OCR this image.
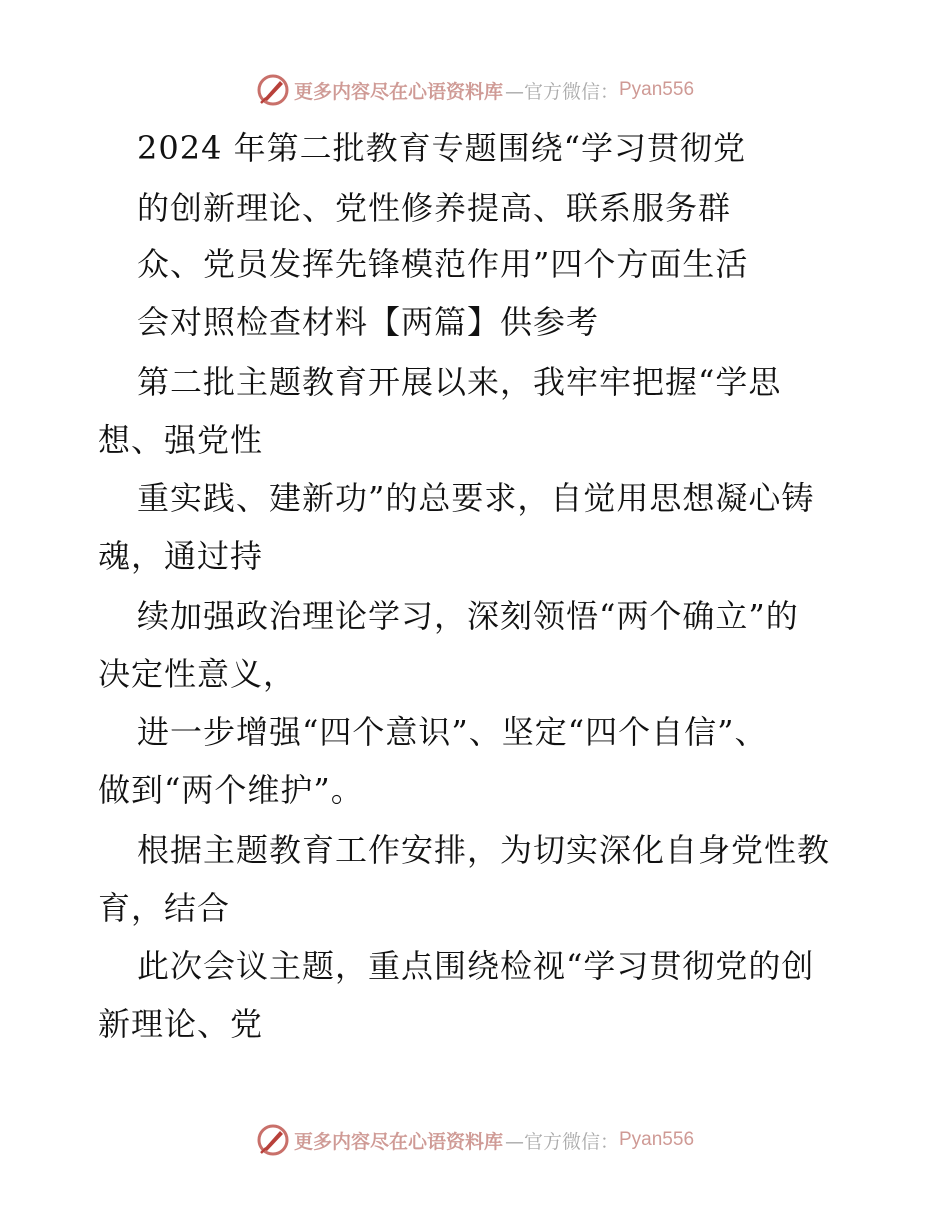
更多内容尽在心语资料库 —官方微信： Pyan556
2024 年第二批教育专题围绕“学习贯彻党
的创新理论、党性修养提高、联系服务群
众、党员发挥先锋模范作用”四个方面生活
会对照检查材料【两篇】供参考
第二批主题教育开展以来，我牢牢把握“学思
想、强党性
重实践、建新功”的总要求，自觉用思想凝心铸
魂，通过持
续加强政治理论学习，深刻领悟“两个确立”的
决定性意义，
进一步增强“四个意识”、坚定“四个自信”、
做到“两个维护”。
根据主题教育工作安排，为切实深化自身党性教
育，结合
此次会议主题，重点围绕检视“学习贯彻党的创
新理论、党
更多内容尽在心语资料库 —官方微信： Pyan556
